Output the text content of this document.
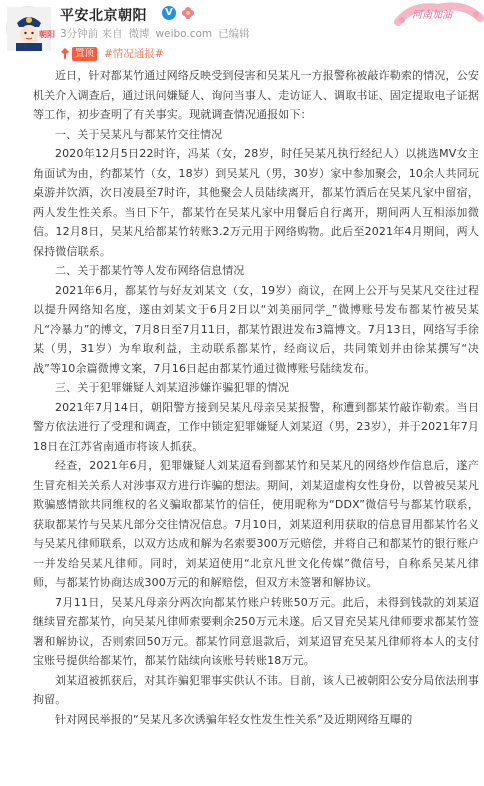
朝阳
平安北京朝阳	V
3分钟前 来自 微博 weibo.com 已编辑
河南加油
置顶 #情况通报#

近日，针对都某竹通过网络反映受到侵害和吴某凡一方报警称被敲诈勒索的情况，公安机关介入调查后，通过讯问嫌疑人、询问当事人、走访证人、调取书证、固定提取电子证据等工作，初步查明了有关事实。现就调查情况通报如下：

一、关于吴某凡与都某竹交往情况

2020年12月5日22时许，冯某（女，28岁，时任吴某凡执行经纪人）以挑选MV女主角面试为由，约都某竹（女，18岁）到吴某凡（男，30岁）家中参加聚会，10余人共同玩桌游并饮酒，次日凌晨至7时许，其他聚会人员陆续离开，都某竹酒后在吴某凡家中留宿，两人发生性关系。当日下午，都某竹在吴某凡家中用餐后自行离开，期间两人互相添加微信。12月8日，吴某凡给都某竹转账3.2万元用于网络购物。此后至2021年4月期间，两人保持微信联系。

二、关于都某竹等人发布网络信息情况

2021年6月，都某竹与好友刘某文（女，19岁）商议，在网上公开与吴某凡交往过程以提升网络知名度，遂由刘某文于6月2日以“刘美丽同学_”微博账号发布都某竹被吴某凡“冷暴力”的博文，7月8日至7月11日，都某竹跟进发布3篇博文。7月13日，网络写手徐某（男，31岁）为牟取利益，主动联系都某竹，经商议后，共同策划并由徐某撰写“决战”等10余篇微博文案，7月16日起由都某竹通过微博账号陆续发布。

三、关于犯罪嫌疑人刘某迢涉嫌诈骗犯罪的情况

2021年7月14日，朝阳警方接到吴某凡母亲吴某报警，称遭到都某竹敲诈勒索。当日警方依法进行了受理和调查，工作中锁定犯罪嫌疑人刘某迢（男，23岁），并于2021年7月18日在江苏省南通市将该人抓获。

经查，2021年6月，犯罪嫌疑人刘某迢看到都某竹和吴某凡的网络炒作信息后，遂产生冒充相关关系人对涉事双方进行诈骗的想法。期间，刘某迢虚构女性身份，以曾被吴某凡欺骗感情欲共同维权的名义骗取都某竹的信任，使用昵称为“DDX”微信号与都某竹联系，获取都某竹与吴某凡部分交往情况信息。7月10日，刘某迢利用获取的信息冒用都某竹名义与吴某凡律师联系，以双方达成和解为名索要300万元赔偿，并将自己和都某竹的银行账户一并发给吴某凡律师。同时，刘某迢使用“北京凡世文化传媒”微信号，自称系吴某凡律师，与都某竹协商达成300万元的和解赔偿，但双方未签署和解协议。

7月11日，吴某凡母亲分两次向都某竹账户转账50万元。此后，未得到钱款的刘某迢继续冒充都某竹，向吴某凡律师索要剩余250万元未遂。后又冒充吴某凡律师要求都某竹签署和解协议，否则索回50万元。都某竹同意退款后，刘某迢冒充吴某凡律师将本人的支付宝账号提供给都某竹，都某竹陆续向该账号转账18万元。

刘某迢被抓获后，对其诈骗犯罪事实供认不讳。目前，该人已被朝阳公安分局依法刑事拘留。

针对网民举报的“吴某凡多次诱骗年轻女性发生性关系”及近期网络互曝的
